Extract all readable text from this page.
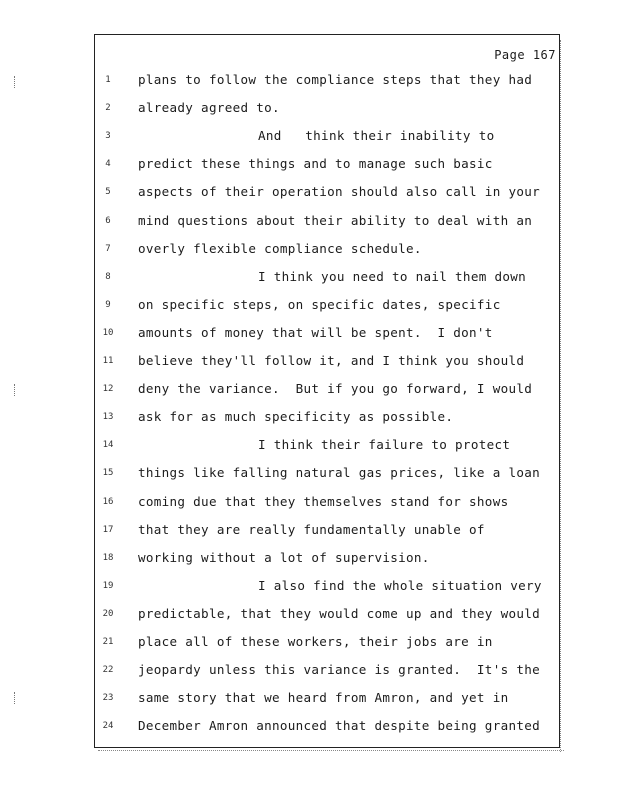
Page 167
1	plans to follow the compliance steps that they had
2	already agreed to.
3	And   think their inability to
4	predict these things and to manage such basic
5	aspects of their operation should also call in your
6	mind questions about their ability to deal with an
7	overly flexible compliance schedule.
8	I think you need to nail them down
9	on specific steps, on specific dates, specific
10	amounts of money that will be spent.  I don't
11	believe they'll follow it, and I think you should
12	deny the variance.  But if you go forward, I would
13	ask for as much specificity as possible.
14	I think their failure to protect
15	things like falling natural gas prices, like a loan
16	coming due that they themselves stand for shows
17	that they are really fundamentally unable of
18	working without a lot of supervision.
19	I also find the whole situation very
20	predictable, that they would come up and they would
21	place all of these workers, their jobs are in
22	jeopardy unless this variance is granted.  It's the
23	same story that we heard from Amron, and yet in
24	December Amron announced that despite being granted
